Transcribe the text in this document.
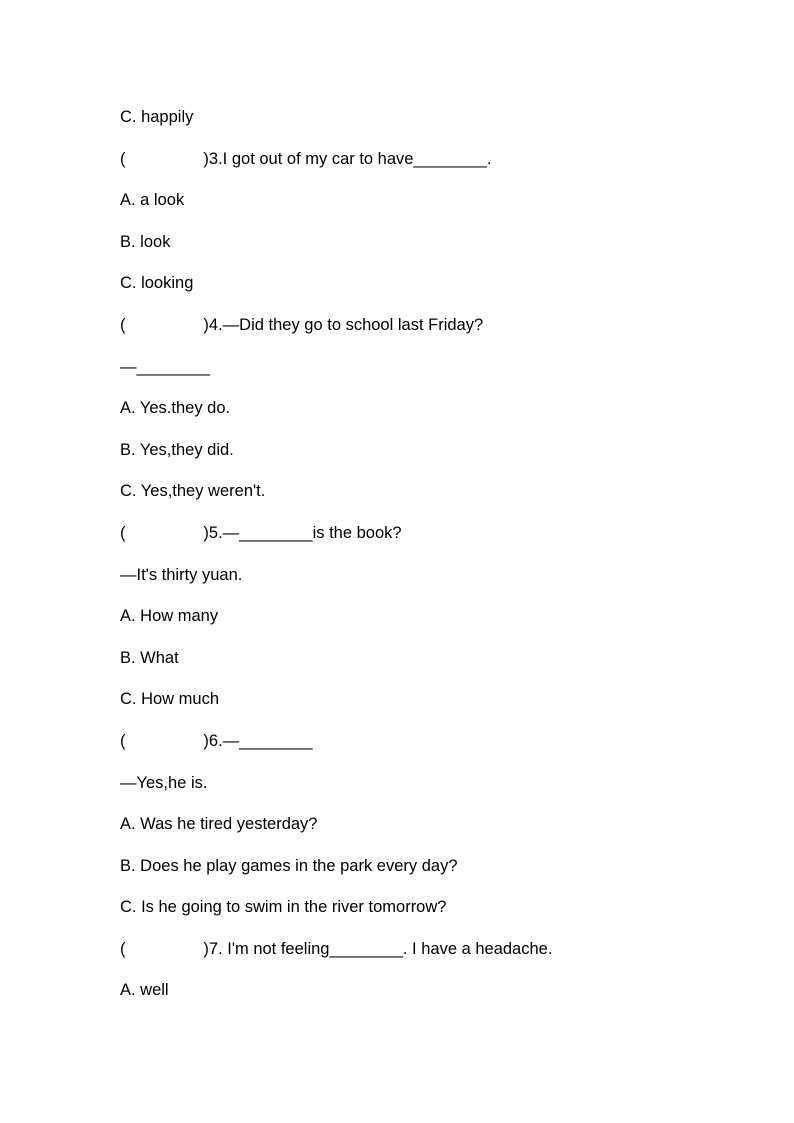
C. happily
(                 )3.I got out of my car to have________.
A. a look
B. look
C. looking
(                 )4.—Did they go to school last Friday?
—________
A. Yes.they do.
B. Yes,they did.
C. Yes,they weren't.
(                 )5.—________is the book?
—It's thirty yuan.
A. How many
B. What
C. How much
(                 )6.—________
—Yes,he is.
A. Was he tired yesterday?
B. Does he play games in the park every day?
C. Is he going to swim in the river tomorrow?
(                 )7. I'm not feeling________. I have a headache.
A. well
